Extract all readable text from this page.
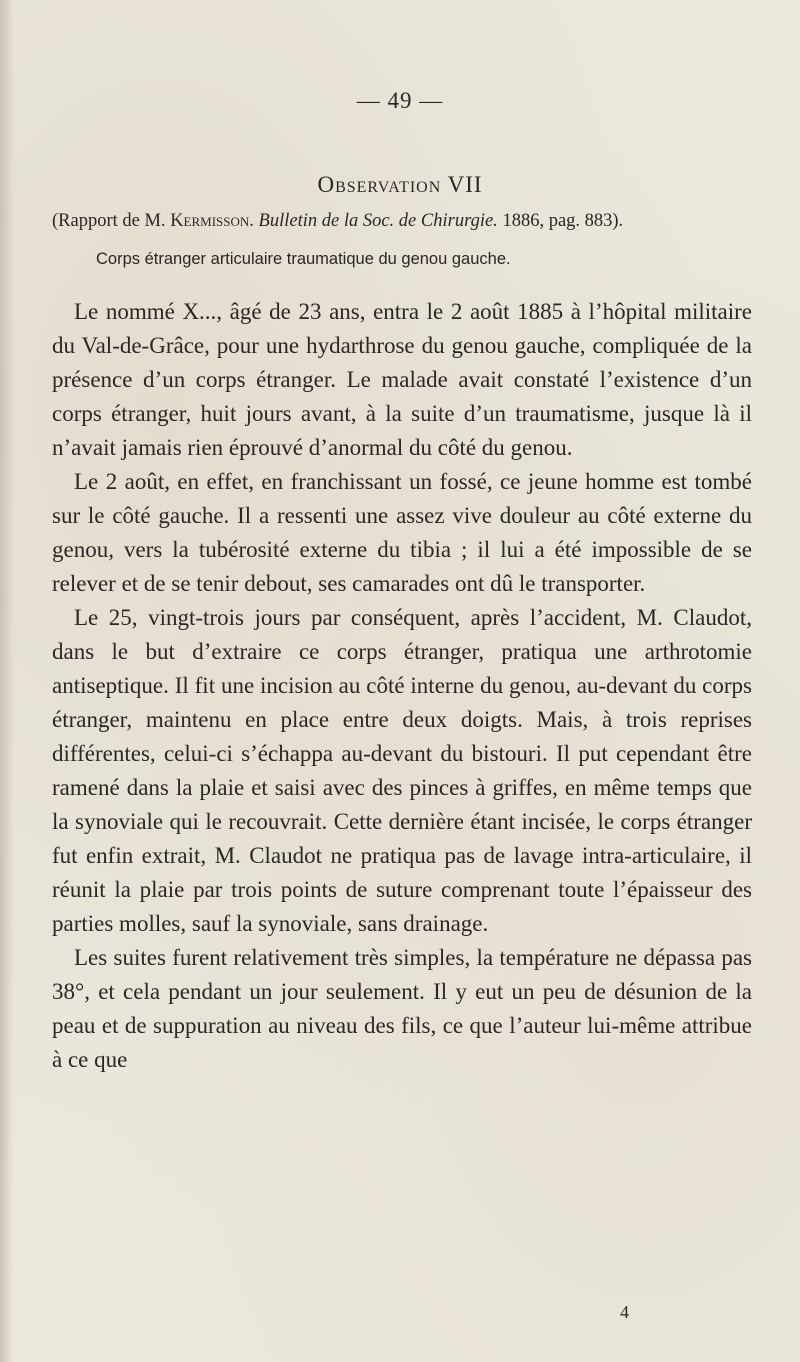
— 49 —
Observation VII
(Rapport de M. Kermisson. Bulletin de la Soc. de Chirurgie. 1886, pag. 883).
Corps étranger articulaire traumatique du genou gauche.

Le nommé X..., âgé de 23 ans, entra le 2 août 1885 à l’hôpital militaire du Val-de-Grâce, pour une hydarthrose du genou gauche, compliquée de la présence d’un corps étranger. Le malade avait constaté l’existence d’un corps étranger, huit jours avant, à la suite d’un traumatisme, jusque là il n’avait jamais rien éprouvé d’anormal du côté du genou.

Le 2 août, en effet, en franchissant un fossé, ce jeune homme est tombé sur le côté gauche. Il a ressenti une assez vive douleur au côté externe du genou, vers la tubérosité externe du tibia ; il lui a été impossible de se relever et de se tenir debout, ses camarades ont dû le transporter.

Le 25, vingt-trois jours par conséquent, après l’accident, M. Claudot, dans le but d’extraire ce corps étranger, pratiqua une arthrotomie antiseptique. Il fit une incision au côté interne du genou, au-devant du corps étranger, maintenu en place entre deux doigts. Mais, à trois reprises différentes, celui-ci s’échappa au-devant du bistouri. Il put cependant être ramené dans la plaie et saisi avec des pinces à griffes, en même temps que la synoviale qui le recouvrait. Cette dernière étant incisée, le corps étranger fut enfin extrait, M. Claudot ne pratiqua pas de lavage intra-articulaire, il réunit la plaie par trois points de suture comprenant toute l’épaisseur des parties molles, sauf la synoviale, sans drainage.

Les suites furent relativement très simples, la température ne dépassa pas 38°, et cela pendant un jour seulement. Il y eut un peu de désunion de la peau et de suppuration au niveau des fils, ce que l’auteur lui-même attribue à ce que

4
